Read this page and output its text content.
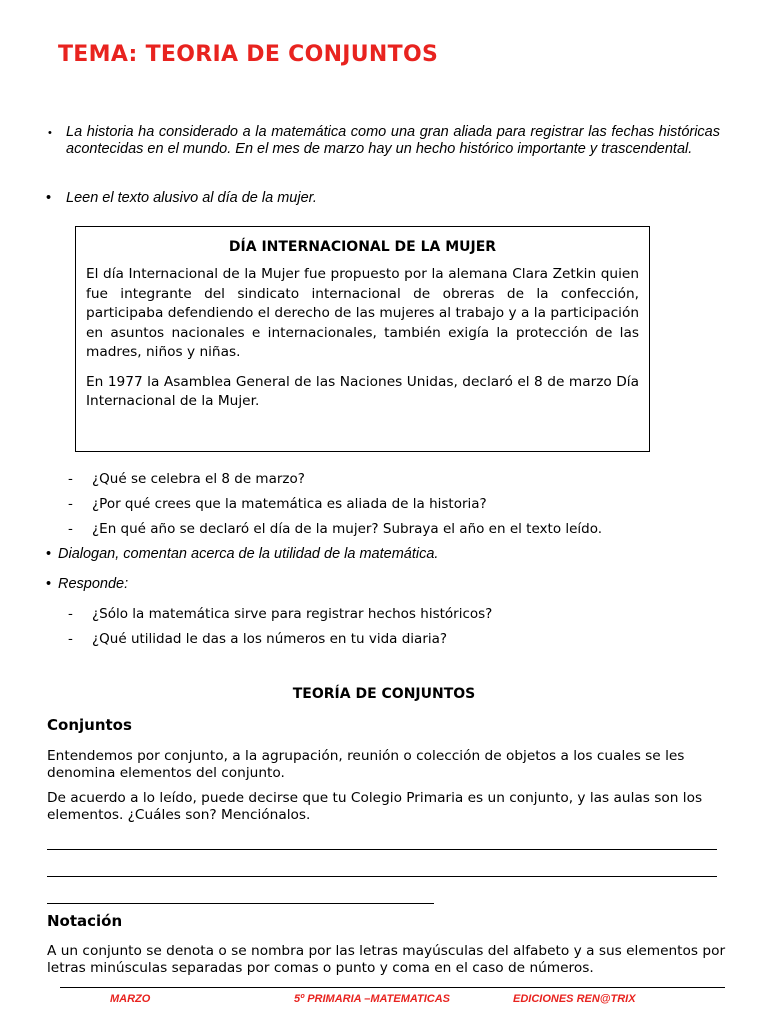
TEMA: TEORIA DE CONJUNTOS
• La historia ha considerado a la matemática como una gran aliada para registrar las fechas históricas acontecidas en el mundo. En el mes de marzo hay un hecho histórico importante y trascendental.
• Leen el texto alusivo al día de la mujer.
DÍA INTERNACIONAL DE LA MUJER

El día Internacional de la Mujer fue propuesto por la alemana Clara Zetkin quien fue integrante del sindicato internacional de obreras de la confección, participaba defendiendo el derecho de las mujeres al trabajo y a la participación en asuntos nacionales e internacionales, también exigía la protección de las madres, niños y niñas.

En 1977 la Asamblea General de las Naciones Unidas, declaró el 8 de marzo Día Internacional de la Mujer.

- ¿Qué se celebra el 8 de marzo?
- ¿Por qué crees que la matemática es aliada de la historia?
- ¿En qué año se declaró el día de la mujer? Subraya el año en el texto leído.
• Dialogan, comentan acerca de la utilidad de la matemática.
• Responde:
- ¿Sólo la matemática sirve para registrar hechos históricos?
- ¿Qué utilidad le das a los números en tu vida diaria?
TEORÍA DE CONJUNTOS
Conjuntos

Entendemos por conjunto, a la agrupación, reunión o colección de objetos a los cuales se les denomina elementos del conjunto.

De acuerdo a lo leído, puede decirse que tu Colegio Primaria es un conjunto, y las aulas son los elementos. ¿Cuáles son? Menciónalos.

Notación

A un conjunto se denota o se nombra por las letras mayúsculas del alfabeto y a sus elementos por letras minúsculas separadas por comas o punto y coma en el caso de números.

MARZO	5º PRIMARIA –MATEMATICAS	EDICIONES REN@TRIX
